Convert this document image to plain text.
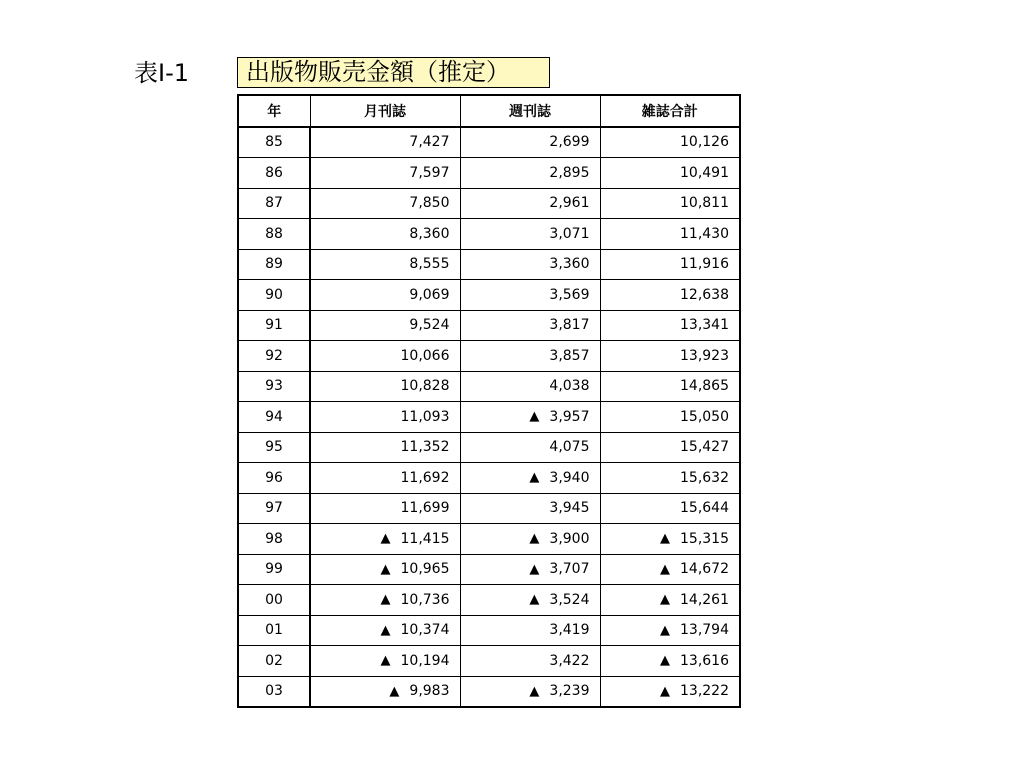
表Ⅰ-1	出版物販売金額（推定）
年	月刊誌	週刊誌	雑誌合計
85	7,427	2,699	10,126

86	7,597	2,895	10,491

87	7,850	2,961	10,811

88	8,360	3,071	11,430

89	8,555	3,360	11,916

90	9,069	3,569	12,638

91	9,524	3,817	13,341

92	10,066	3,857	13,923

93	10,828	4,038	14,865

94	11,093	▲ 3,957	15,050

95	11,352	4,075	15,427

96	11,692	▲ 3,940	15,632

97	11,699	3,945	15,644

98	▲ 11,415	▲ 3,900	▲ 15,315

99	▲ 10,965	▲ 3,707	▲ 14,672

00	▲ 10,736	▲ 3,524	▲ 14,261

01	▲ 10,374	3,419	▲ 13,794

02	▲ 10,194	3,422	▲ 13,616

03	▲ 9,983	▲ 3,239	▲ 13,222
